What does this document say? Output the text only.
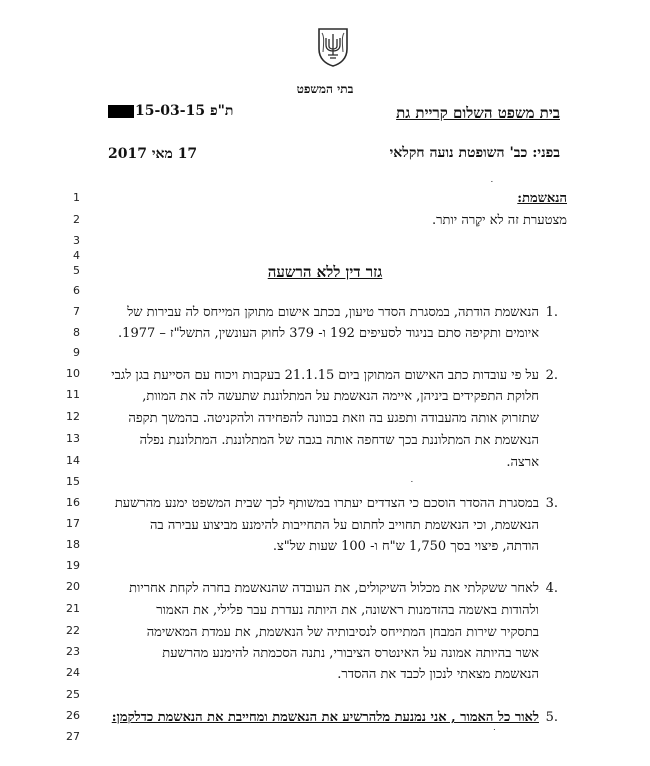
בתי המשפט
בית משפט השלום קריית גת
ת"פ 15-03-15
בפני: כב' השופטת נועה חקלאי
17 מאי 2017
1
2
3
4
5
6
7
8
9
10
11
12
13
14
15
16
17
18
19
20
21
22
23
24
25
26
27
הנאשמת:
מצטערת זה לא יקרה יותר.
גזר דין ללא הרשעה
1.
הנאשמת הודתה, במסגרת הסדר טיעון, בכתב אישום מתוקן המייחס לה עבירות של
איומים ותקיפה סתם בניגוד לסעיפים 192 ו- 379 לחוק העונשין, התשל"ז – 1977.
2.
על פי עובדות כתב האישום המתוקן ביום 21.1.15 בעקבות ויכוח עם הסייעת בגן לגבי
חלוקת התפקידים ביניהן, איימה הנאשמת על המתלוננת שתעשה לה את המוות,
שתזרוק אותה מהעבודה ותפגע בה וזאת בכוונה להפחידה ולהקניטה. בהמשך תקפה
הנאשמת את המתלוננת בכך שדחפה אותה בגבה של המתלוננת. המתלוננת נפלה
ארצה.
3.
במסגרת ההסדר הוסכם כי הצדדים יעתרו במשותף לכך שבית המשפט ימנע מהרשעת
הנאשמת, וכי הנאשמת תחוייב לחתום על התחייבות להימנע מביצוע עבירה בה
הודתה, פיצוי בסך 1,750 ש"ח ו- 100 שעות של"צ.
4.
לאחר ששקלתי את מכלול השיקולים, את העובדה שהנאשמת בחרה לקחת אחריות
ולהודות באשמה בהזדמנות ראשונה, את היותה נעדרת עבר פלילי, את האמור
בתסקיר שירות המבחן המתייחס לנסיבותיה של הנאשמת, את עמדת המאשימה
אשר בהיותה אמונה על האינטרס הציבורי, נתנה הסכמתה להימנע מהרשעת
הנאשמת מצאתי לנכון לכבד את ההסדר.
5.
לאור כל האמור , אני נמנעת מלהרשיע את הנאשמת ומחייבת את הנאשמת כדלקמן:
